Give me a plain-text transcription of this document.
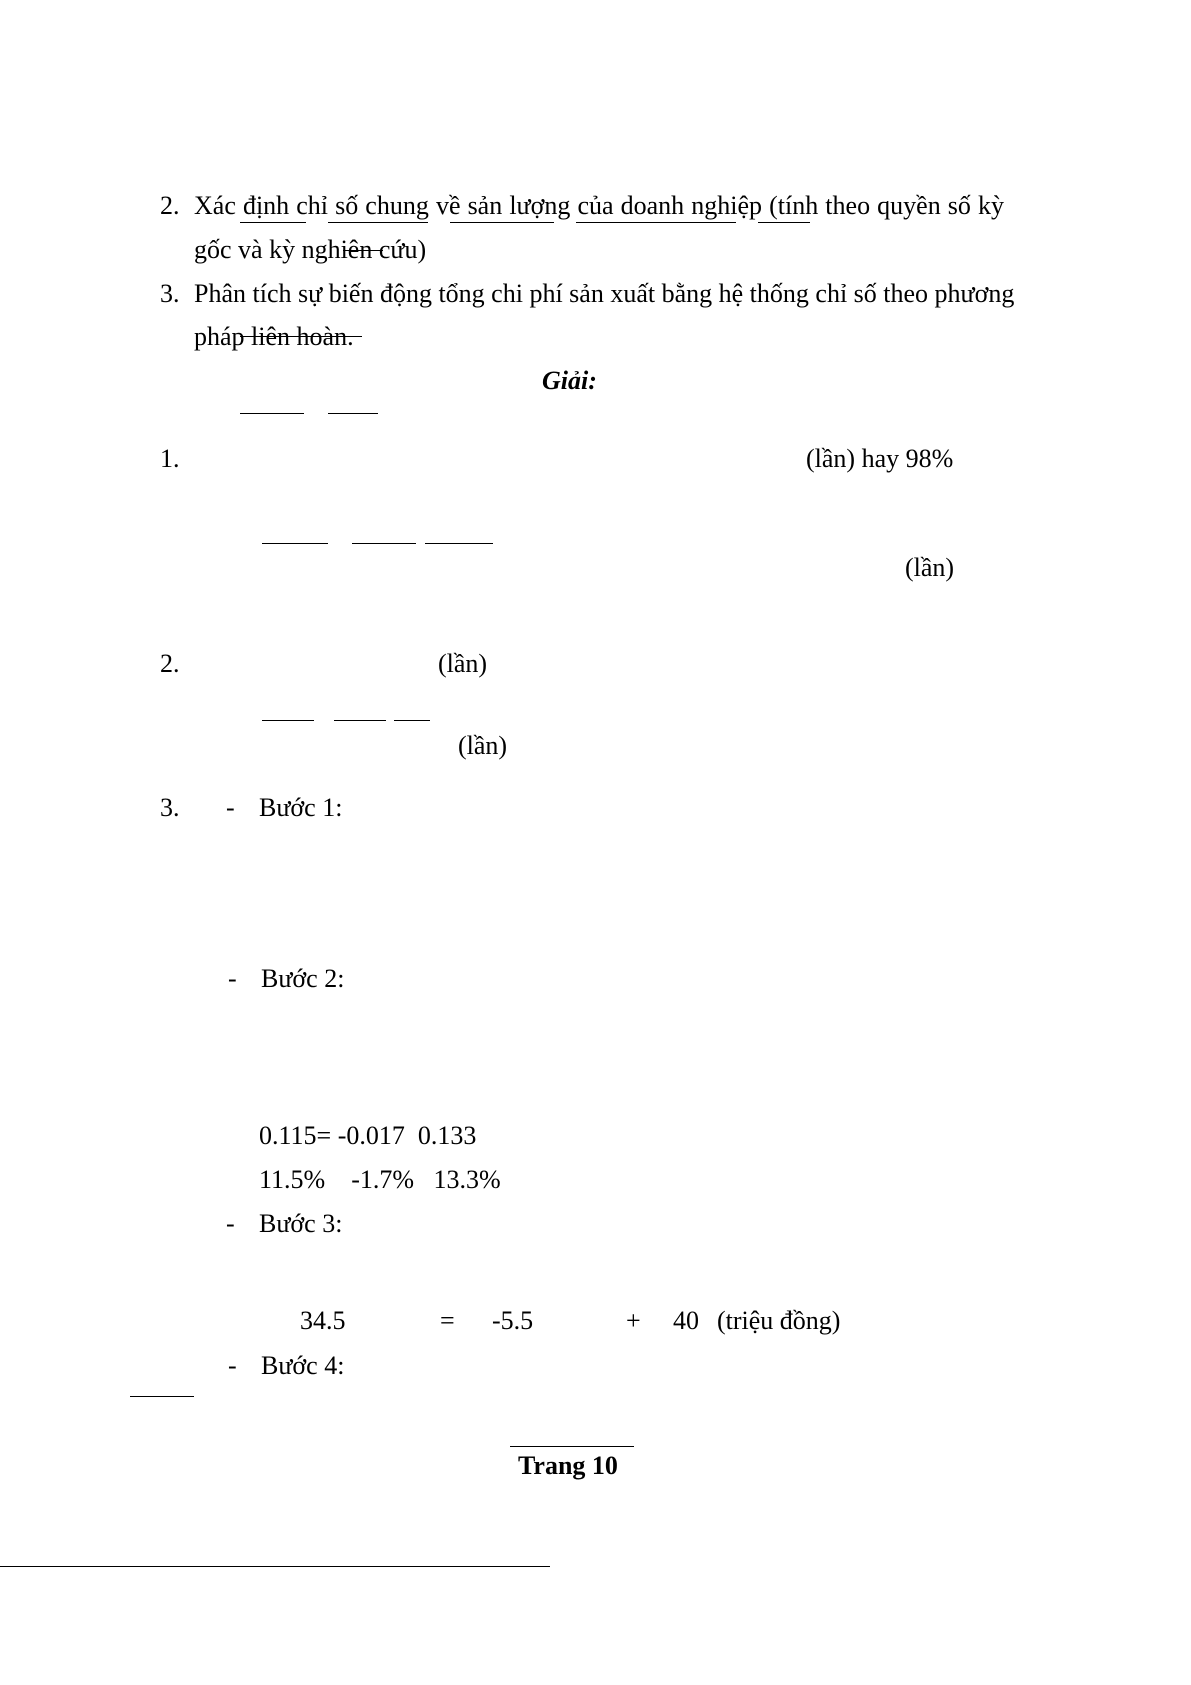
2. Xác định chỉ số chung về sản lượng của doanh nghiệp (tính theo quyền số kỳ
gốc và kỳ nghiên cứu)
3. Phân tích sự biến động tổng chi phí sản xuất bằng hệ thống chỉ số theo phương
pháp liên hoàn.
Giải:
1.	(lần) hay 98%
(lần)
2.	(lần)
(lần)
3. - Bước 1:
- Bước 2:
0.115= -0.017  0.133
11.5%    -1.7%   13.3%
- Bước 3:
34.5	= -5.5	+ 40 (triệu đồng)
- Bước 4:
Trang 10
